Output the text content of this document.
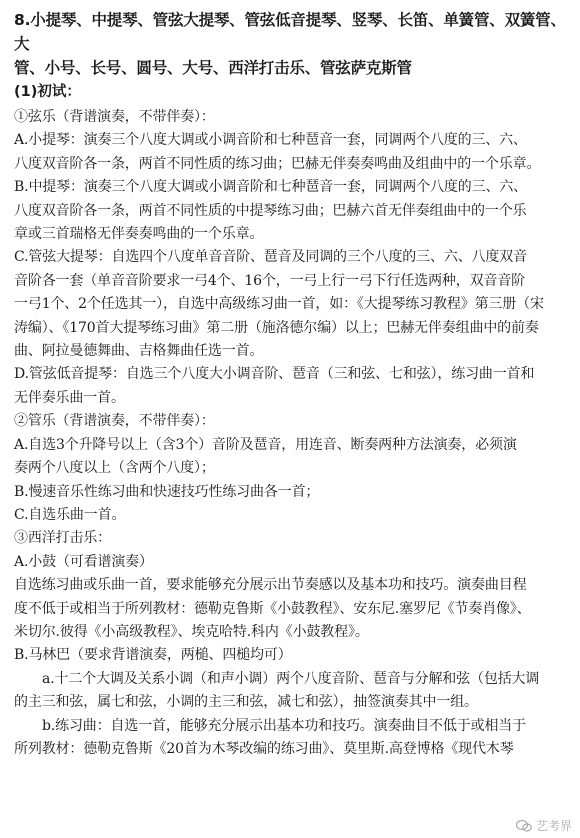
8.小提琴、中提琴、管弦大提琴、管弦低音提琴、竖琴、长笛、单簧管、双簧管、大

管、小号、长号、圆号、大号、西洋打击乐、管弦萨克斯管

(1)初试：

①弦乐（背谱演奏，不带伴奏）：

A.小提琴：演奏三个八度大调或小调音阶和七种琶音一套，同调两个八度的三、六、

八度双音阶各一条，两首不同性质的练习曲；巴赫无伴奏奏鸣曲及组曲中的一个乐章。

B.中提琴：演奏三个八度大调或小调音阶和七种琶音一套，同调两个八度的三、六、

八度双音阶各一条，两首不同性质的中提琴练习曲；巴赫六首无伴奏组曲中的一个乐

章或三首瑞格无伴奏奏鸣曲的一个乐章。

C.管弦大提琴：自选四个八度单音音阶、琶音及同调的三个八度的三、六、八度双音

音阶各一套（单音音阶要求一弓4个、16个，一弓上行一弓下行任选两种，双音音阶

一弓1个、2个任选其一），自选中高级练习曲一首，如：《大提琴练习教程》第三册（宋

涛编）、《170首大提琴练习曲》第二册（施洛德尔编）以上；巴赫无伴奏组曲中的前奏

曲、阿拉曼德舞曲、吉格舞曲任选一首。

D.管弦低音提琴：自选三个八度大小调音阶、琶音（三和弦、七和弦），练习曲一首和

无伴奏乐曲一首。

②管乐（背谱演奏，不带伴奏）：

A.自选3个升降号以上（含3个）音阶及琶音，用连音、断奏两种方法演奏，必须演

奏两个八度以上（含两个八度）；

B.慢速音乐性练习曲和快速技巧性练习曲各一首；

C.自选乐曲一首。

③西洋打击乐：

A.小鼓（可看谱演奏）

自选练习曲或乐曲一首，要求能够充分展示出节奏感以及基本功和技巧。演奏曲目程

度不低于或相当于所列教材：德勒克鲁斯《小鼓教程》、安东尼.塞罗尼《节奏肖像》、

米切尔.彼得《小高级教程》、埃克哈特.科内《小鼓教程》。

B.马林巴（要求背谱演奏，两槌、四槌均可）

a.十二个大调及关系小调（和声小调）两个八度音阶、琶音与分解和弦（包括大调

的主三和弦，属七和弦，小调的主三和弦，减七和弦），抽签演奏其中一组。

b.练习曲：自选一首，能够充分展示出基本功和技巧。演奏曲目不低于或相当于

所列教材：德勒克鲁斯《20首为木琴改编的练习曲》、莫里斯.高登博格《现代木琴

艺考界
